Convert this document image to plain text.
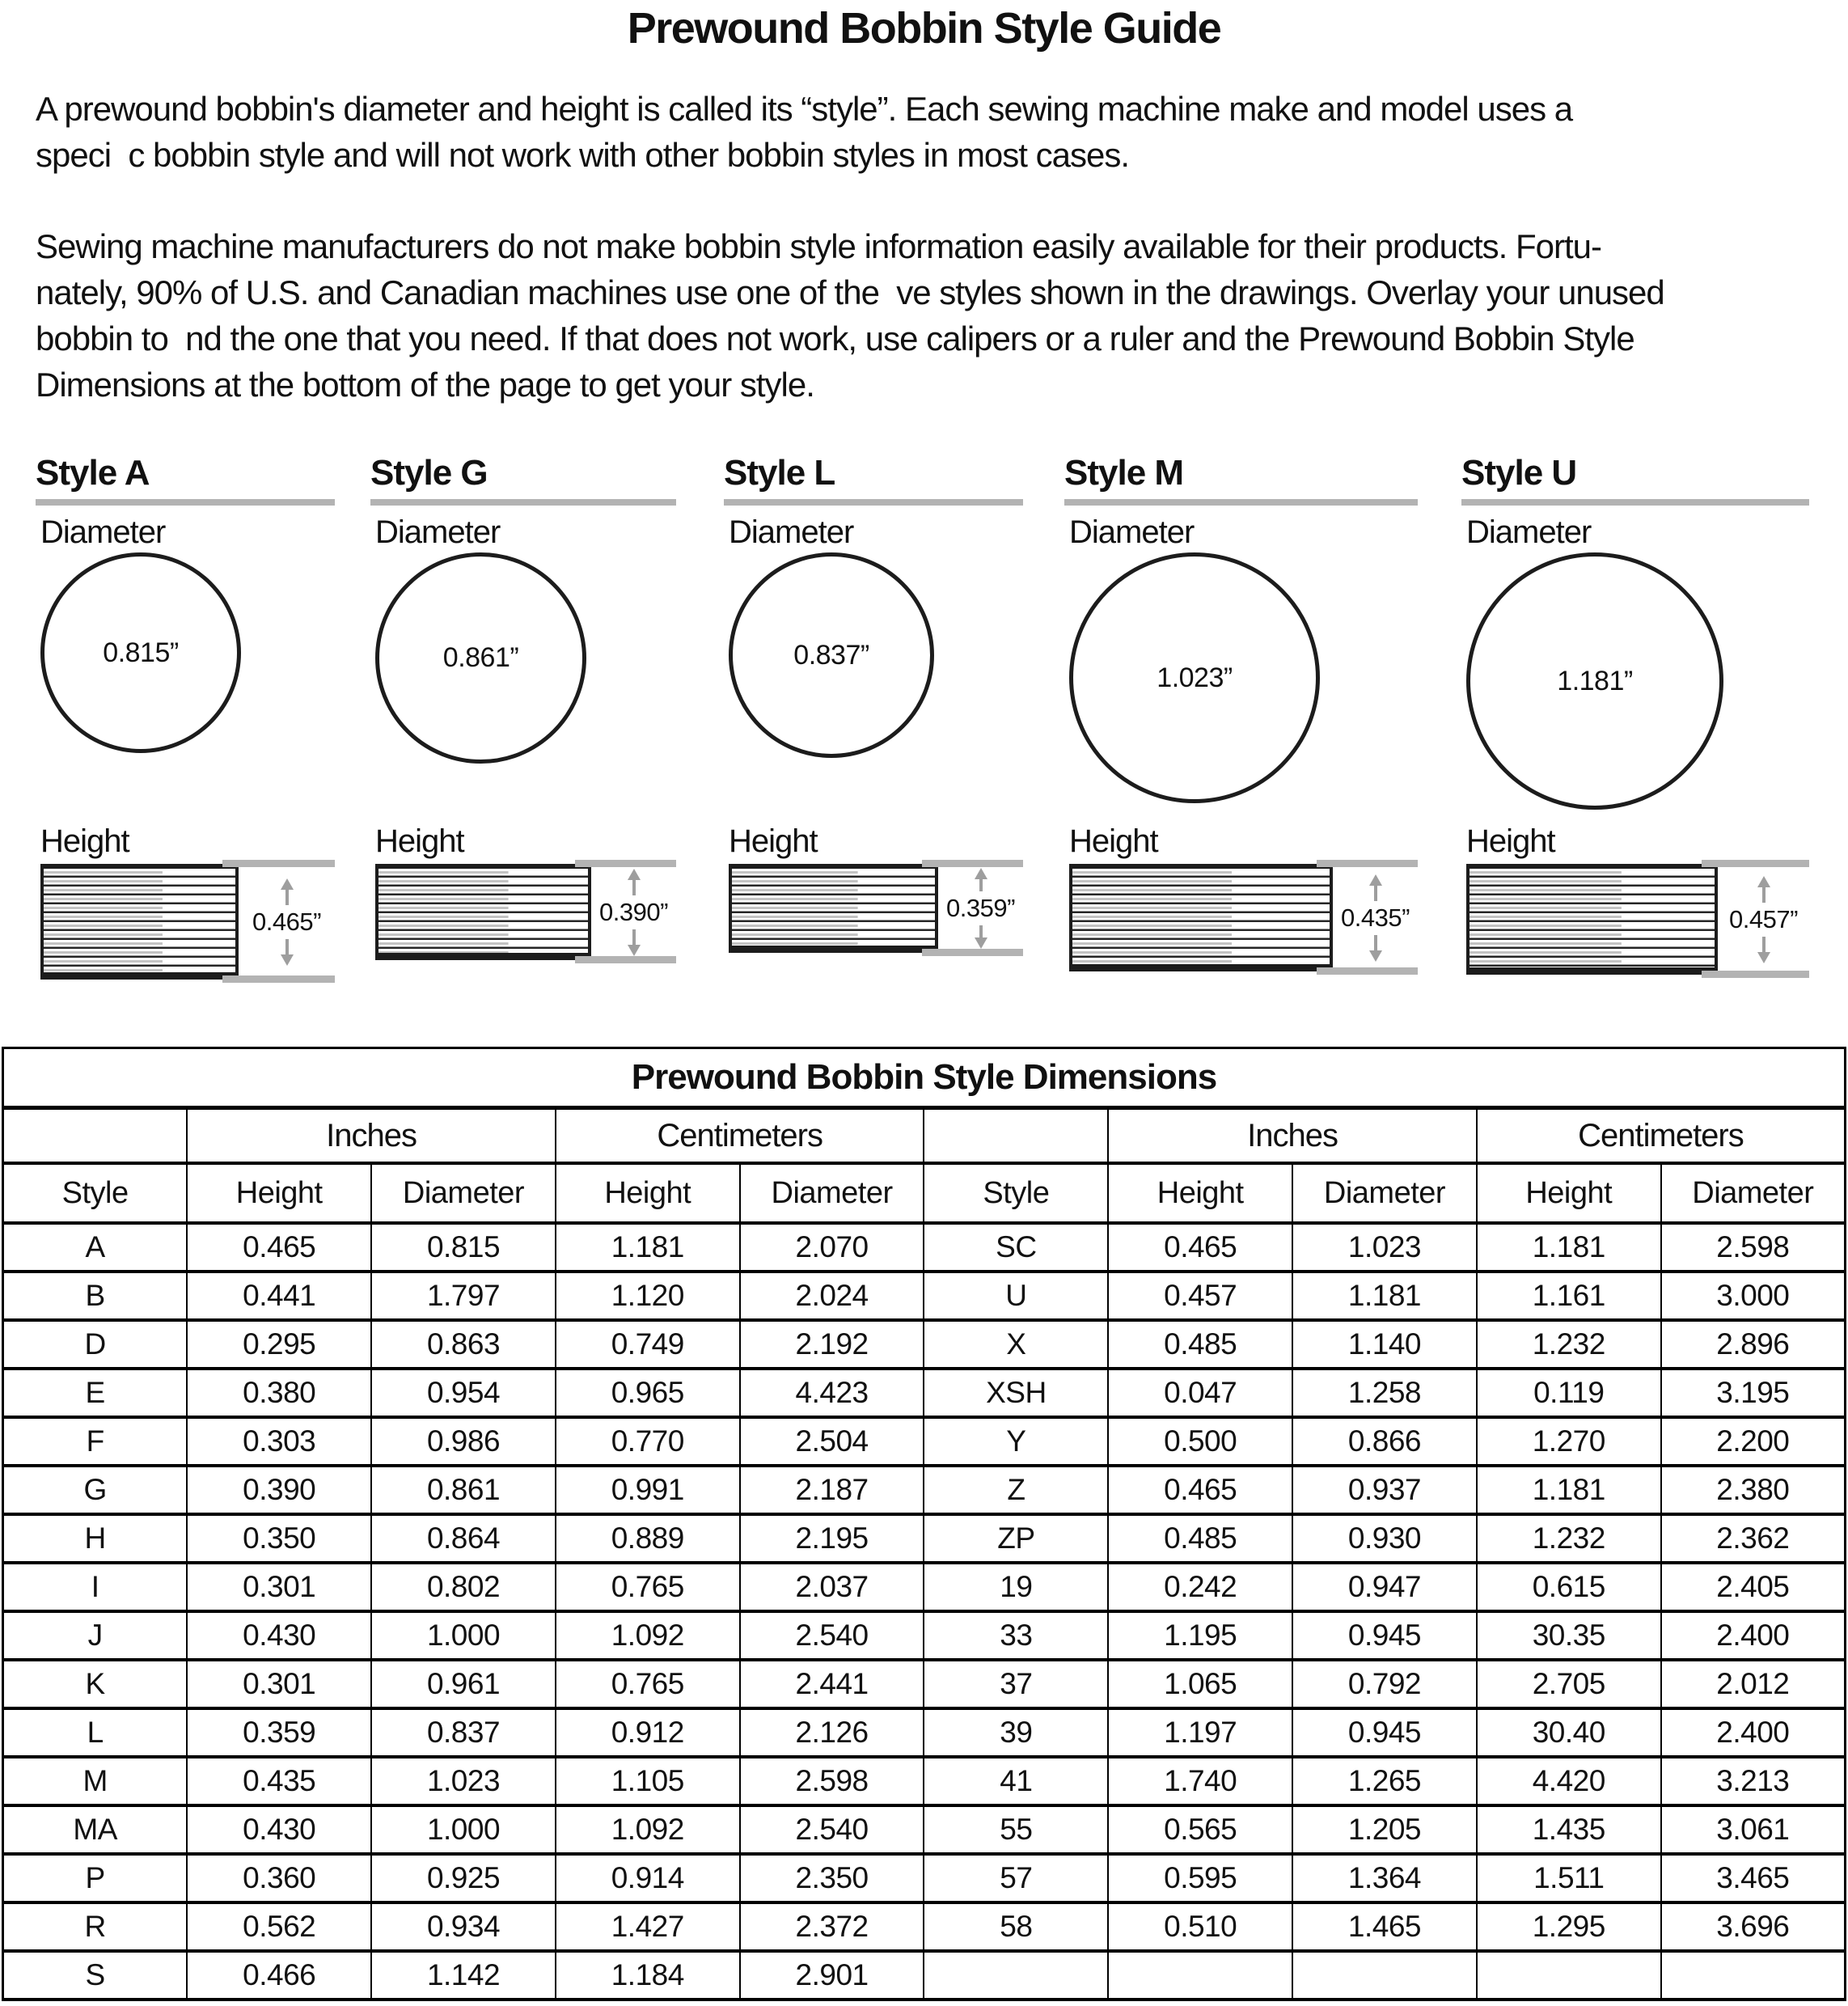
Prewound Bobbin Style Guide

A prewound bobbin's diameter and height is called its “style”. Each sewing machine make and model uses a
speci  c bobbin style and will not work with other bobbin styles in most cases.

Sewing machine manufacturers do not make bobbin style information easily available for their products. Fortu-
nately, 90% of U.S. and Canadian machines use one of the  ve styles shown in the drawings. Overlay your unused
bobbin to  nd the one that you need. If that does not work, use calipers or a ruler and the Prewound Bobbin Style
Dimensions at the bottom of the page to get your style.

Style A
Diameter
0.815”
Height
0.465”
Style G
Diameter
0.861”
Height
0.390”
Style L
Diameter
0.837”
Height
0.359”
Style M
Diameter
1.023”
Height
0.435”
Style U
Diameter
1.181”
Height
0.457”
Prewound Bobbin Style Dimensions									
	Inches		Centimeters			Inches		Centimeters	
Style	Height	Diameter	Height	Diameter	Style	Height	Diameter	Height	Diameter
A	0.465	0.815	1.181	2.070	SC	0.465	1.023	1.181	2.598
B	0.441	1.797	1.120	2.024	U	0.457	1.181	1.161	3.000
D	0.295	0.863	0.749	2.192	X	0.485	1.140	1.232	2.896
E	0.380	0.954	0.965	4.423	XSH	0.047	1.258	0.119	3.195
F	0.303	0.986	0.770	2.504	Y	0.500	0.866	1.270	2.200
G	0.390	0.861	0.991	2.187	Z	0.465	0.937	1.181	2.380
H	0.350	0.864	0.889	2.195	ZP	0.485	0.930	1.232	2.362
I	0.301	0.802	0.765	2.037	19	0.242	0.947	0.615	2.405
J	0.430	1.000	1.092	2.540	33	1.195	0.945	30.35	2.400
K	0.301	0.961	0.765	2.441	37	1.065	0.792	2.705	2.012
L	0.359	0.837	0.912	2.126	39	1.197	0.945	30.40	2.400
M	0.435	1.023	1.105	2.598	41	1.740	1.265	4.420	3.213
MA	0.430	1.000	1.092	2.540	55	0.565	1.205	1.435	3.061
P	0.360	0.925	0.914	2.350	57	0.595	1.364	1.511	3.465
R	0.562	0.934	1.427	2.372	58	0.510	1.465	1.295	3.696
S	0.466	1.142	1.184	2.901					
